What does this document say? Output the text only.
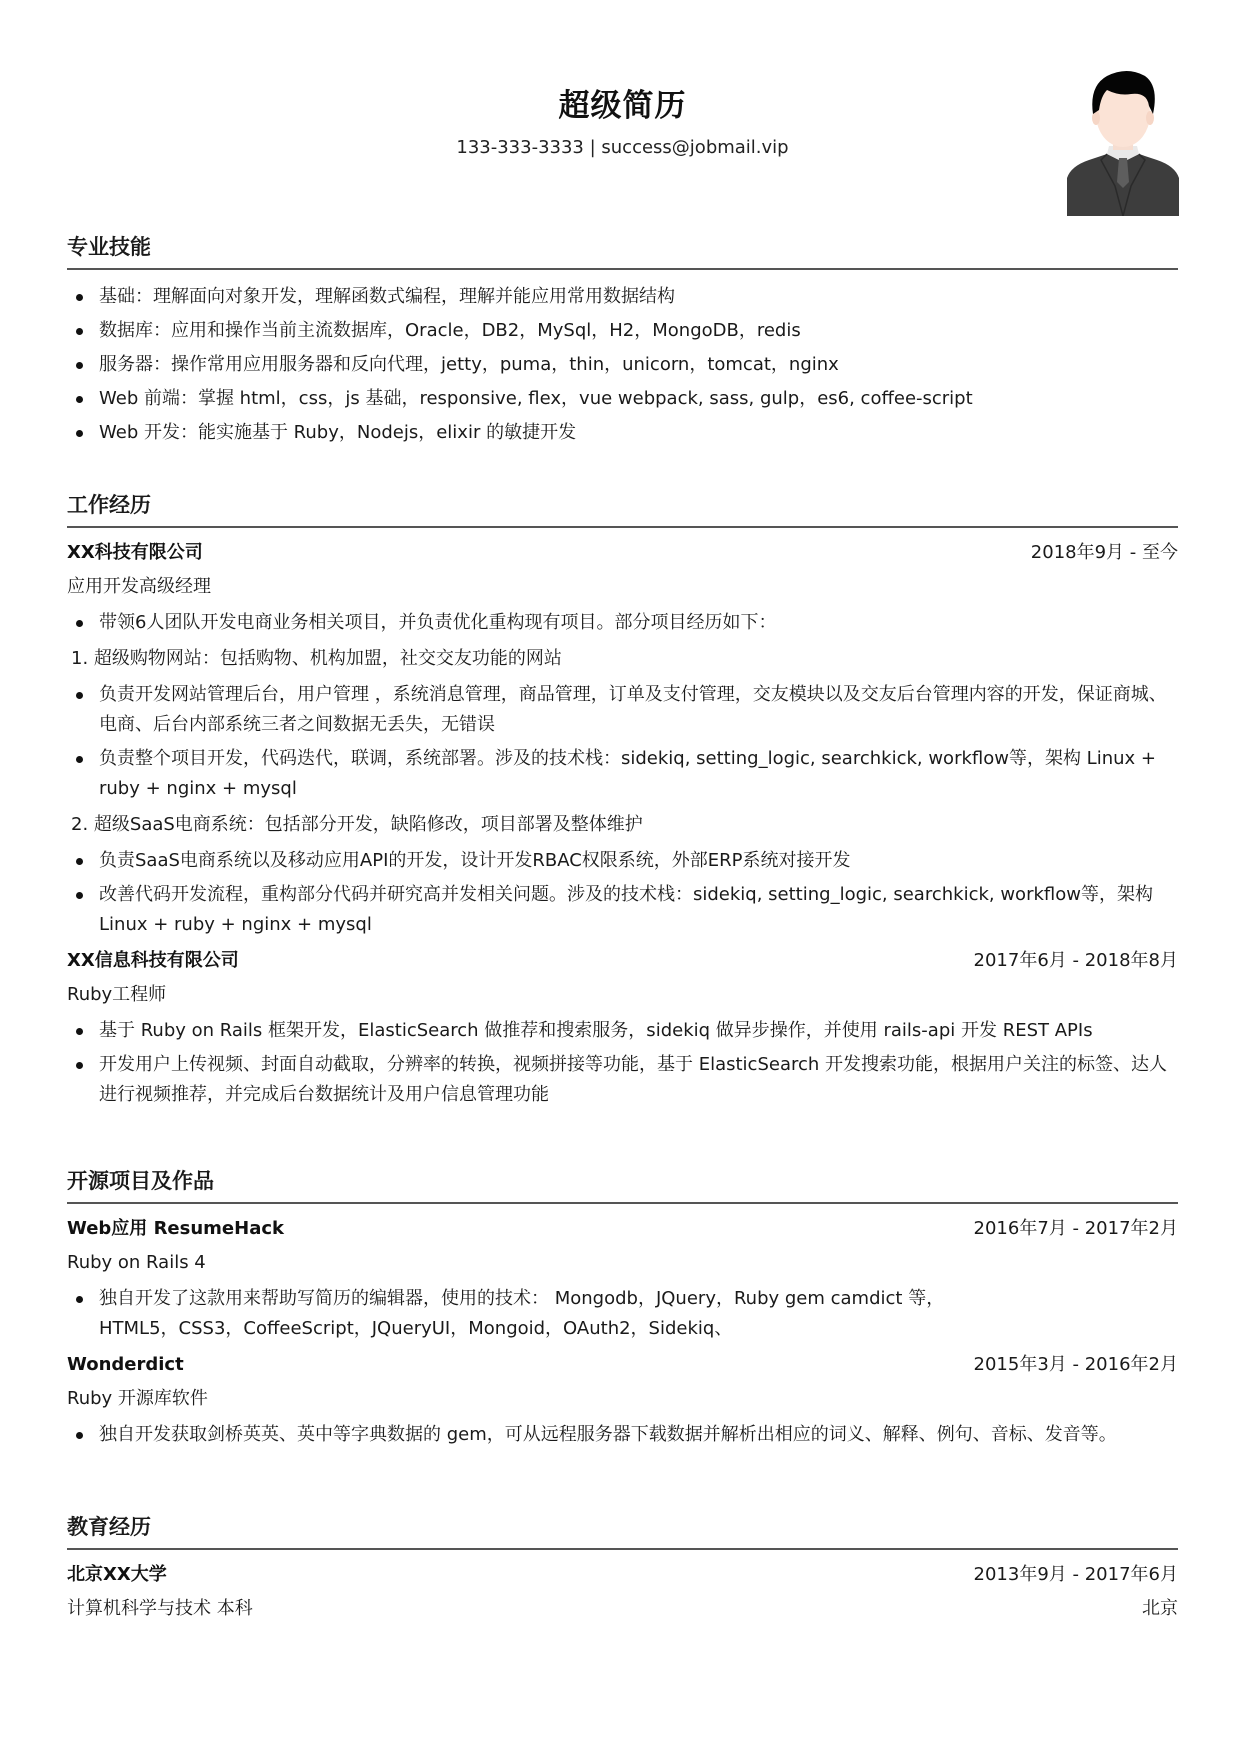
超级简历
133-333-3333 | success@jobmail.vip
专业技能
基础：理解面向对象开发，理解函数式编程，理解并能应用常用数据结构
数据库：应用和操作当前主流数据库，Oracle，DB2，MySql，H2，MongoDB，redis
服务器：操作常用应用服务器和反向代理，jetty，puma，thin，unicorn，tomcat，nginx
Web 前端：掌握 html，css，js 基础，responsive, flex，vue webpack, sass, gulp，es6, coffee-script
Web 开发：能实施基于 Ruby，Nodejs，elixir 的敏捷开发
工作经历
XX科技有限公司	2018年9月 - 至今
应用开发高级经理
带领6人团队开发电商业务相关项目，并负责优化重构现有项目。部分项目经历如下：
1. 超级购物网站：包括购物、机构加盟，社交交友功能的网站
负责开发网站管理后台，用户管理 ，系统消息管理，商品管理，订单及支付管理，交友模块以及交友后台管理内容的开发，保证商城、电商、后台内部系统三者之间数据无丢失，无错误
负责整个项目开发，代码迭代，联调，系统部署。涉及的技术栈：sidekiq, setting_logic, searchkick, workflow等，架构 Linux + ruby + nginx + mysql
2. 超级SaaS电商系统：包括部分开发，缺陷修改，项目部署及整体维护
负责SaaS电商系统以及移动应用API的开发，设计开发RBAC权限系统，外部ERP系统对接开发
改善代码开发流程，重构部分代码并研究高并发相关问题。涉及的技术栈：sidekiq, setting_logic, searchkick, workflow等，架构 Linux + ruby + nginx + mysql
XX信息科技有限公司	2017年6月 - 2018年8月
Ruby工程师
基于 Ruby on Rails 框架开发，ElasticSearch 做推荐和搜索服务，sidekiq 做异步操作，并使用 rails-api 开发 REST APIs
开发用户上传视频、封面自动截取，分辨率的转换，视频拼接等功能，基于 ElasticSearch 开发搜索功能，根据用户关注的标签、达人进行视频推荐，并完成后台数据统计及用户信息管理功能
开源项目及作品
Web应用 ResumeHack	2016年7月 - 2017年2月
Ruby on Rails 4
独自开发了这款用来帮助写简历的编辑器，使用的技术： Mongodb，JQuery，Ruby gem camdict 等，HTML5，CSS3，CoffeeScript，JQueryUI，Mongoid，OAuth2，Sidekiq、
Wonderdict	2015年3月 - 2016年2月
Ruby 开源库软件
独自开发获取剑桥英英、英中等字典数据的 gem，可从远程服务器下载数据并解析出相应的词义、解释、例句、音标、发音等。
教育经历
北京XX大学	2013年9月 - 2017年6月
计算机科学与技术 本科	北京
